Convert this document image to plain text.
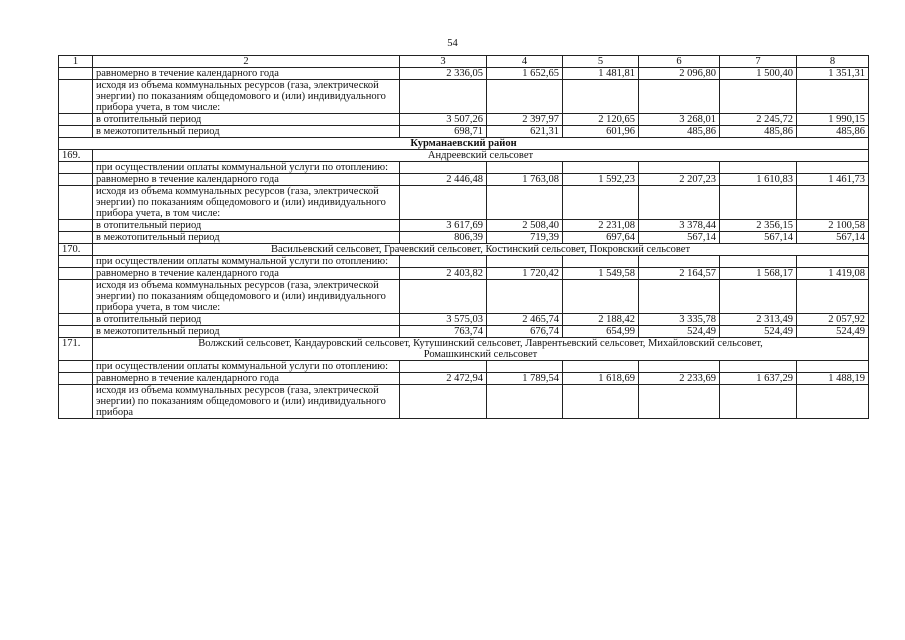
54
1	2	3	4	5	6	7	8
	равномерно в течение календарного года	2 336,05	1 652,65	1 481,81	2 096,80	1 500,40	1 351,31
	исходя из объема коммунальных ресурсов (газа, электрической энергии) по показаниям общедомового и (или) индивидуального прибора учета, в том числе:						
	в отопительный период	3 507,26	2 397,97	2 120,65	3 268,01	2 245,72	1 990,15
	в межотопительный период	698,71	621,31	601,96	485,86	485,86	485,86
Курманаевский район							
169.	Андреевский сельсовет						
	при осуществлении оплаты коммунальной услуги по отоплению:						
	равномерно в течение календарного года	2 446,48	1 763,08	1 592,23	2 207,23	1 610,83	1 461,73
	исходя из объема коммунальных ресурсов (газа, электрической энергии) по показаниям общедомового и (или) индивидуального прибора учета, в том числе:						
	в отопительный период	3 617,69	2 508,40	2 231,08	3 378,44	2 356,15	2 100,58
	в межотопительный период	806,39	719,39	697,64	567,14	567,14	567,14
170.	Васильевский сельсовет, Грачевский сельсовет, Костинский сельсовет, Покровский сельсовет						
	при осуществлении оплаты коммунальной услуги по отоплению:						
	равномерно в течение календарного года	2 403,82	1 720,42	1 549,58	2 164,57	1 568,17	1 419,08
	исходя из объема коммунальных ресурсов (газа, электрической энергии) по показаниям общедомового и (или) индивидуального прибора учета, в том числе:						
	в отопительный период	3 575,03	2 465,74	2 188,42	3 335,78	2 313,49	2 057,92
	в межотопительный период	763,74	676,74	654,99	524,49	524,49	524,49
171.	Волжский сельсовет, Кандауровский сельсовет, Кутушинский сельсовет, Лаврентьевский сельсовет, Михайловский сельсовет, Ромашкинский сельсовет						
	при осуществлении оплаты коммунальной услуги по отоплению:						
	равномерно в течение календарного года	2 472,94	1 789,54	1 618,69	2 233,69	1 637,29	1 488,19
	исходя из объема коммунальных ресурсов (газа, электрической энергии) по показаниям общедомового и (или) индивидуального прибора						
